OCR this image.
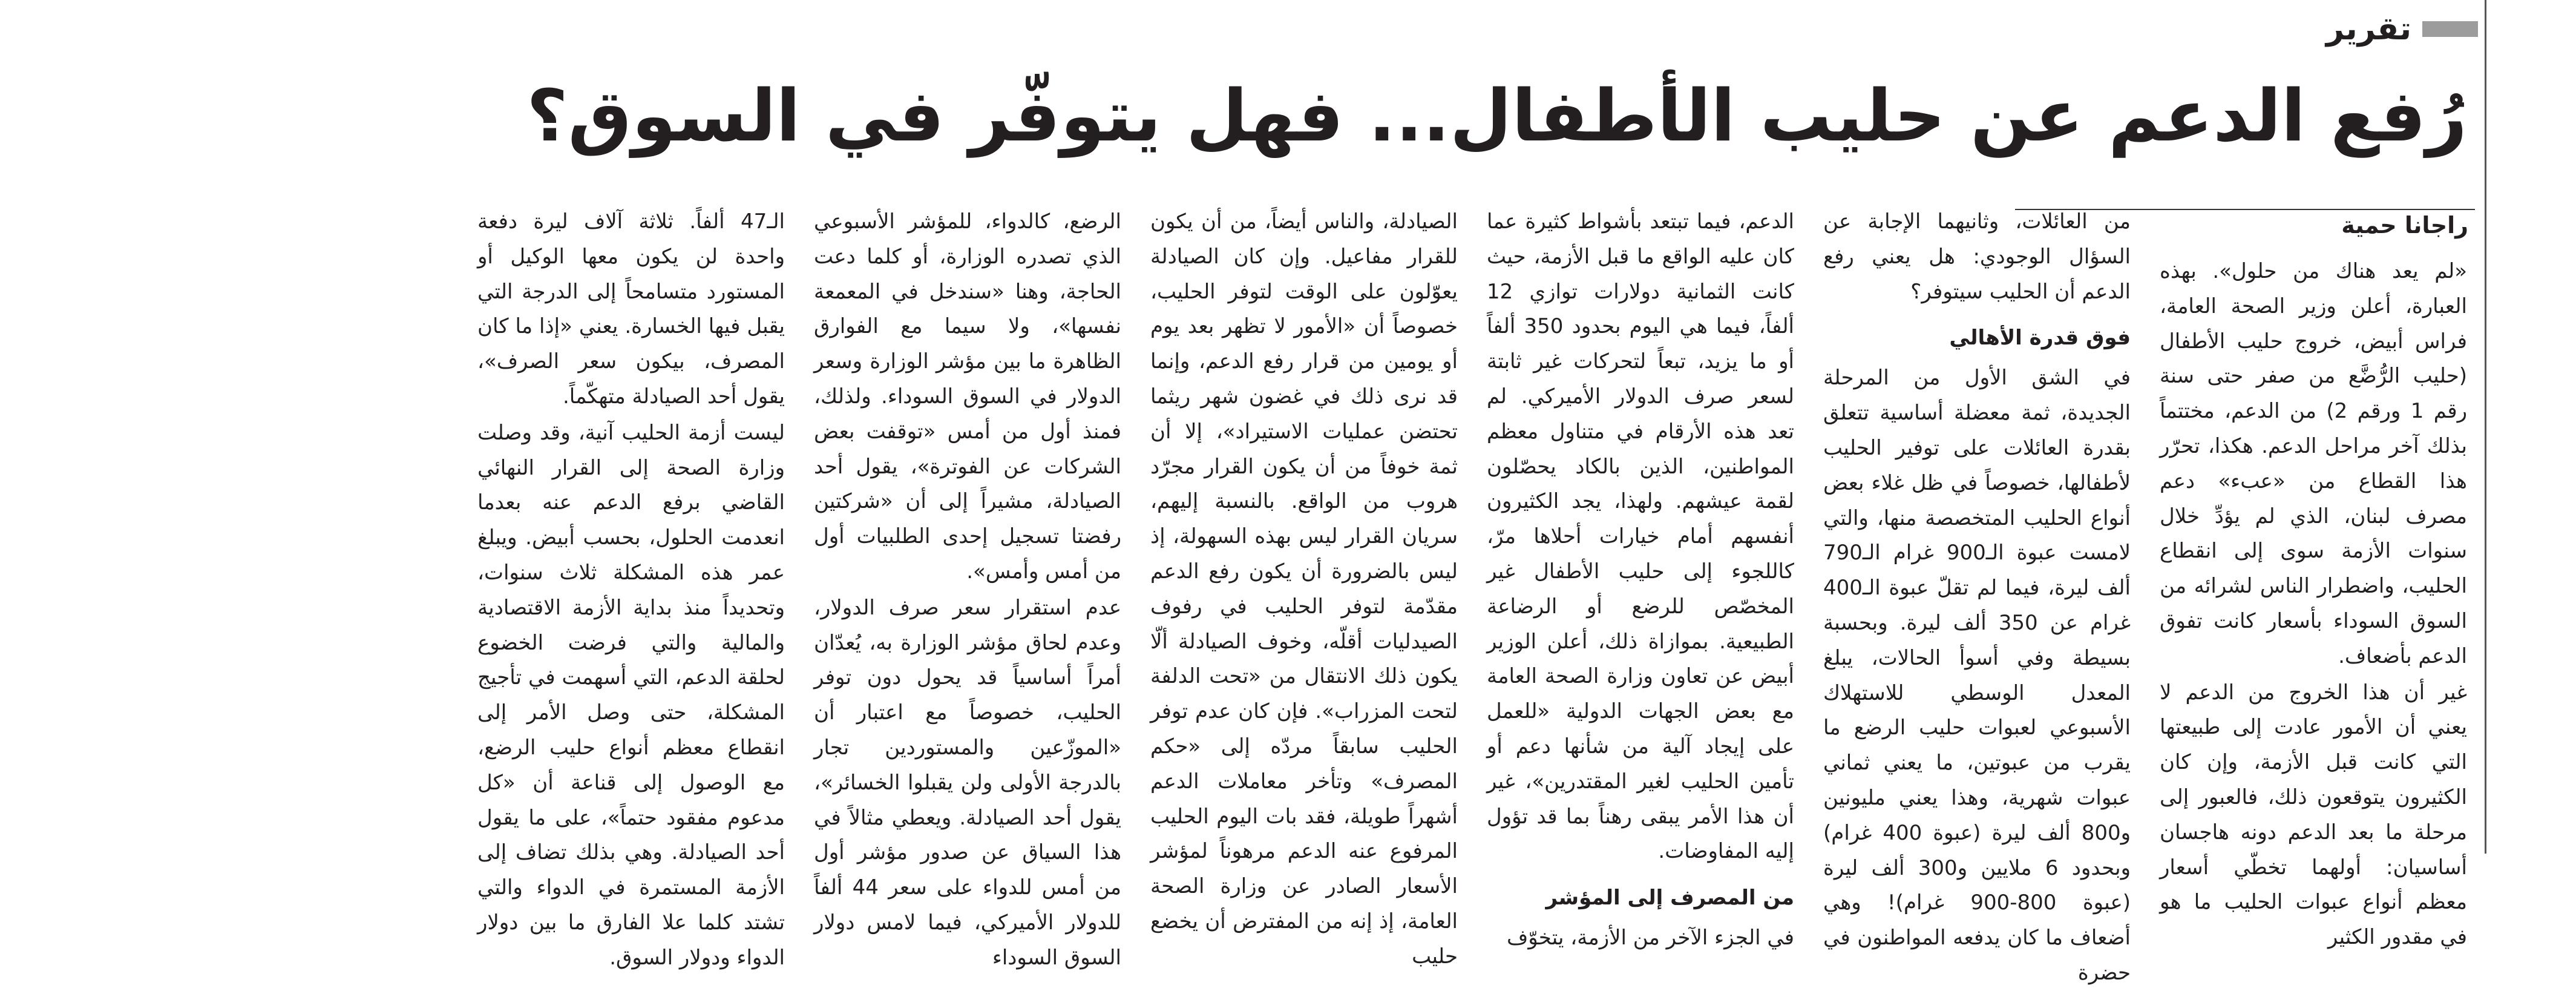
تقرير
رُفع الدعم عن حليب الأطفال... فهل يتوفّر في السوق؟
راجانا حمية

«لم يعد هناك من حلول». بهذه العبارة، أعلن وزير الصحة العامة، فراس أبيض، خروج حليب الأطفال (حليب الرُّضَّع من صفر حتى سنة رقم 1 ورقم 2) من الدعم، مختتماً بذلك آخر مراحل الدعم. هكذا، تحرّر هذا القطاع من «عبء» دعم مصرف لبنان، الذي لم يؤدِّ خلال سنوات الأزمة سوى إلى انقطاع الحليب، واضطرار الناس لشرائه من السوق السوداء بأسعار كانت تفوق الدعم بأضعاف.

غير أن هذا الخروج من الدعم لا يعني أن الأمور عادت إلى طبيعتها التي كانت قبل الأزمة، وإن كان الكثيرون يتوقعون ذلك، فالعبور إلى مرحلة ما بعد الدعم دونه هاجسان أساسيان: أولهما تخطّي أسعار معظم أنواع عبوات الحليب ما هو في مقدور الكثير

من العائلات، وثانيهما الإجابة عن السؤال الوجودي: هل يعني رفع الدعم أن الحليب سيتوفر؟

فوق قدرة الأهالي

في الشق الأول من المرحلة الجديدة، ثمة معضلة أساسية تتعلق بقدرة العائلات على توفير الحليب لأطفالها، خصوصاً في ظل غلاء بعض أنواع الحليب المتخصصة منها، والتي لامست عبوة الـ900 غرام الـ790 ألف ليرة، فيما لم تقلّ عبوة الـ400 غرام عن 350 ألف ليرة. وبحسبة بسيطة وفي أسوأ الحالات، يبلغ المعدل الوسطي للاستهلاك الأسبوعي لعبوات حليب الرضع ما يقرب من عبوتين، ما يعني ثماني عبوات شهرية، وهذا يعني مليونين و800 ألف ليرة (عبوة 400 غرام) وبحدود 6 ملايين و300 ألف ليرة (عبوة 800-900 غرام)! وهي أضعاف ما كان يدفعه المواطنون في حضرة

الدعم، فيما تبتعد بأشواط كثيرة عما كان عليه الواقع ما قبل الأزمة، حيث كانت الثمانية دولارات توازي 12 ألفاً، فيما هي اليوم بحدود 350 ألفاً أو ما يزيد، تبعاً لتحركات غير ثابتة لسعر صرف الدولار الأميركي. لم تعد هذه الأرقام في متناول معظم المواطنين، الذين بالكاد يحصّلون لقمة عيشهم. ولهذا، يجد الكثيرون أنفسهم أمام خيارات أحلاها مرّ، كاللجوء إلى حليب الأطفال غير المخصّص للرضع أو الرضاعة الطبيعية. بموازاة ذلك، أعلن الوزير أبيض عن تعاون وزارة الصحة العامة مع بعض الجهات الدولية «للعمل على إيجاد آلية من شأنها دعم أو تأمين الحليب لغير المقتدرين»، غير أن هذا الأمر يبقى رهناً بما قد تؤول إليه المفاوضات.

من المصرف إلى المؤشر

في الجزء الآخر من الأزمة، يتخوّف

الصيادلة، والناس أيضاً، من أن يكون للقرار مفاعيل. وإن كان الصيادلة يعوّلون على الوقت لتوفر الحليب، خصوصاً أن «الأمور لا تظهر بعد يوم أو يومين من قرار رفع الدعم، وإنما قد نرى ذلك في غضون شهر ريثما تحتضن عمليات الاستيراد»، إلا أن ثمة خوفاً من أن يكون القرار مجرّد هروب من الواقع. بالنسبة إليهم، سريان القرار ليس بهذه السهولة، إذ ليس بالضرورة أن يكون رفع الدعم مقدّمة لتوفر الحليب في رفوف الصيدليات أقلّه، وخوف الصيادلة ألّا يكون ذلك الانتقال من «تحت الدلفة لتحت المزراب». فإن كان عدم توفر الحليب سابقاً مردّه إلى «حكم المصرف» وتأخر معاملات الدعم أشهراً طويلة، فقد بات اليوم الحليب المرفوع عنه الدعم مرهوناً لمؤشر الأسعار الصادر عن وزارة الصحة العامة، إذ إنه من المفترض أن يخضع حليب

الرضع، كالدواء، للمؤشر الأسبوعي الذي تصدره الوزارة، أو كلما دعت الحاجة، وهنا «سندخل في المعمعة نفسها»، ولا سيما مع الفوارق الظاهرة ما بين مؤشر الوزارة وسعر الدولار في السوق السوداء. ولذلك، فمنذ أول من أمس «توقفت بعض الشركات عن الفوترة»، يقول أحد الصيادلة، مشيراً إلى أن «شركتين رفضتا تسجيل إحدى الطلبيات أول من أمس وأمس».

عدم استقرار سعر صرف الدولار، وعدم لحاق مؤشر الوزارة به، يُعدّان أمراً أساسياً قد يحول دون توفر الحليب، خصوصاً مع اعتبار أن «الموزّعين والمستوردين تجار بالدرجة الأولى ولن يقبلوا الخسائر»، يقول أحد الصيادلة. ويعطي مثالاً في هذا السياق عن صدور مؤشر أول من أمس للدواء على سعر 44 ألفاً للدولار الأميركي، فيما لامس دولار السوق السوداء

الـ47 ألفاً. ثلاثة آلاف ليرة دفعة واحدة لن يكون معها الوكيل أو المستورد متسامحاً إلى الدرجة التي يقبل فيها الخسارة. يعني «إذا ما كان المصرف، بيكون سعر الصرف»، يقول أحد الصيادلة متهكّماً.

ليست أزمة الحليب آنية، وقد وصلت وزارة الصحة إلى القرار النهائي القاضي برفع الدعم عنه بعدما انعدمت الحلول، بحسب أبيض. ويبلغ عمر هذه المشكلة ثلاث سنوات، وتحديداً منذ بداية الأزمة الاقتصادية والمالية والتي فرضت الخضوع لحلقة الدعم، التي أسهمت في تأجيج المشكلة، حتى وصل الأمر إلى انقطاع معظم أنواع حليب الرضع، مع الوصول إلى قناعة أن «كل مدعوم مفقود حتماً»، على ما يقول أحد الصيادلة. وهي بذلك تضاف إلى الأزمة المستمرة في الدواء والتي تشتد كلما علا الفارق ما بين دولار الدواء ودولار السوق.
